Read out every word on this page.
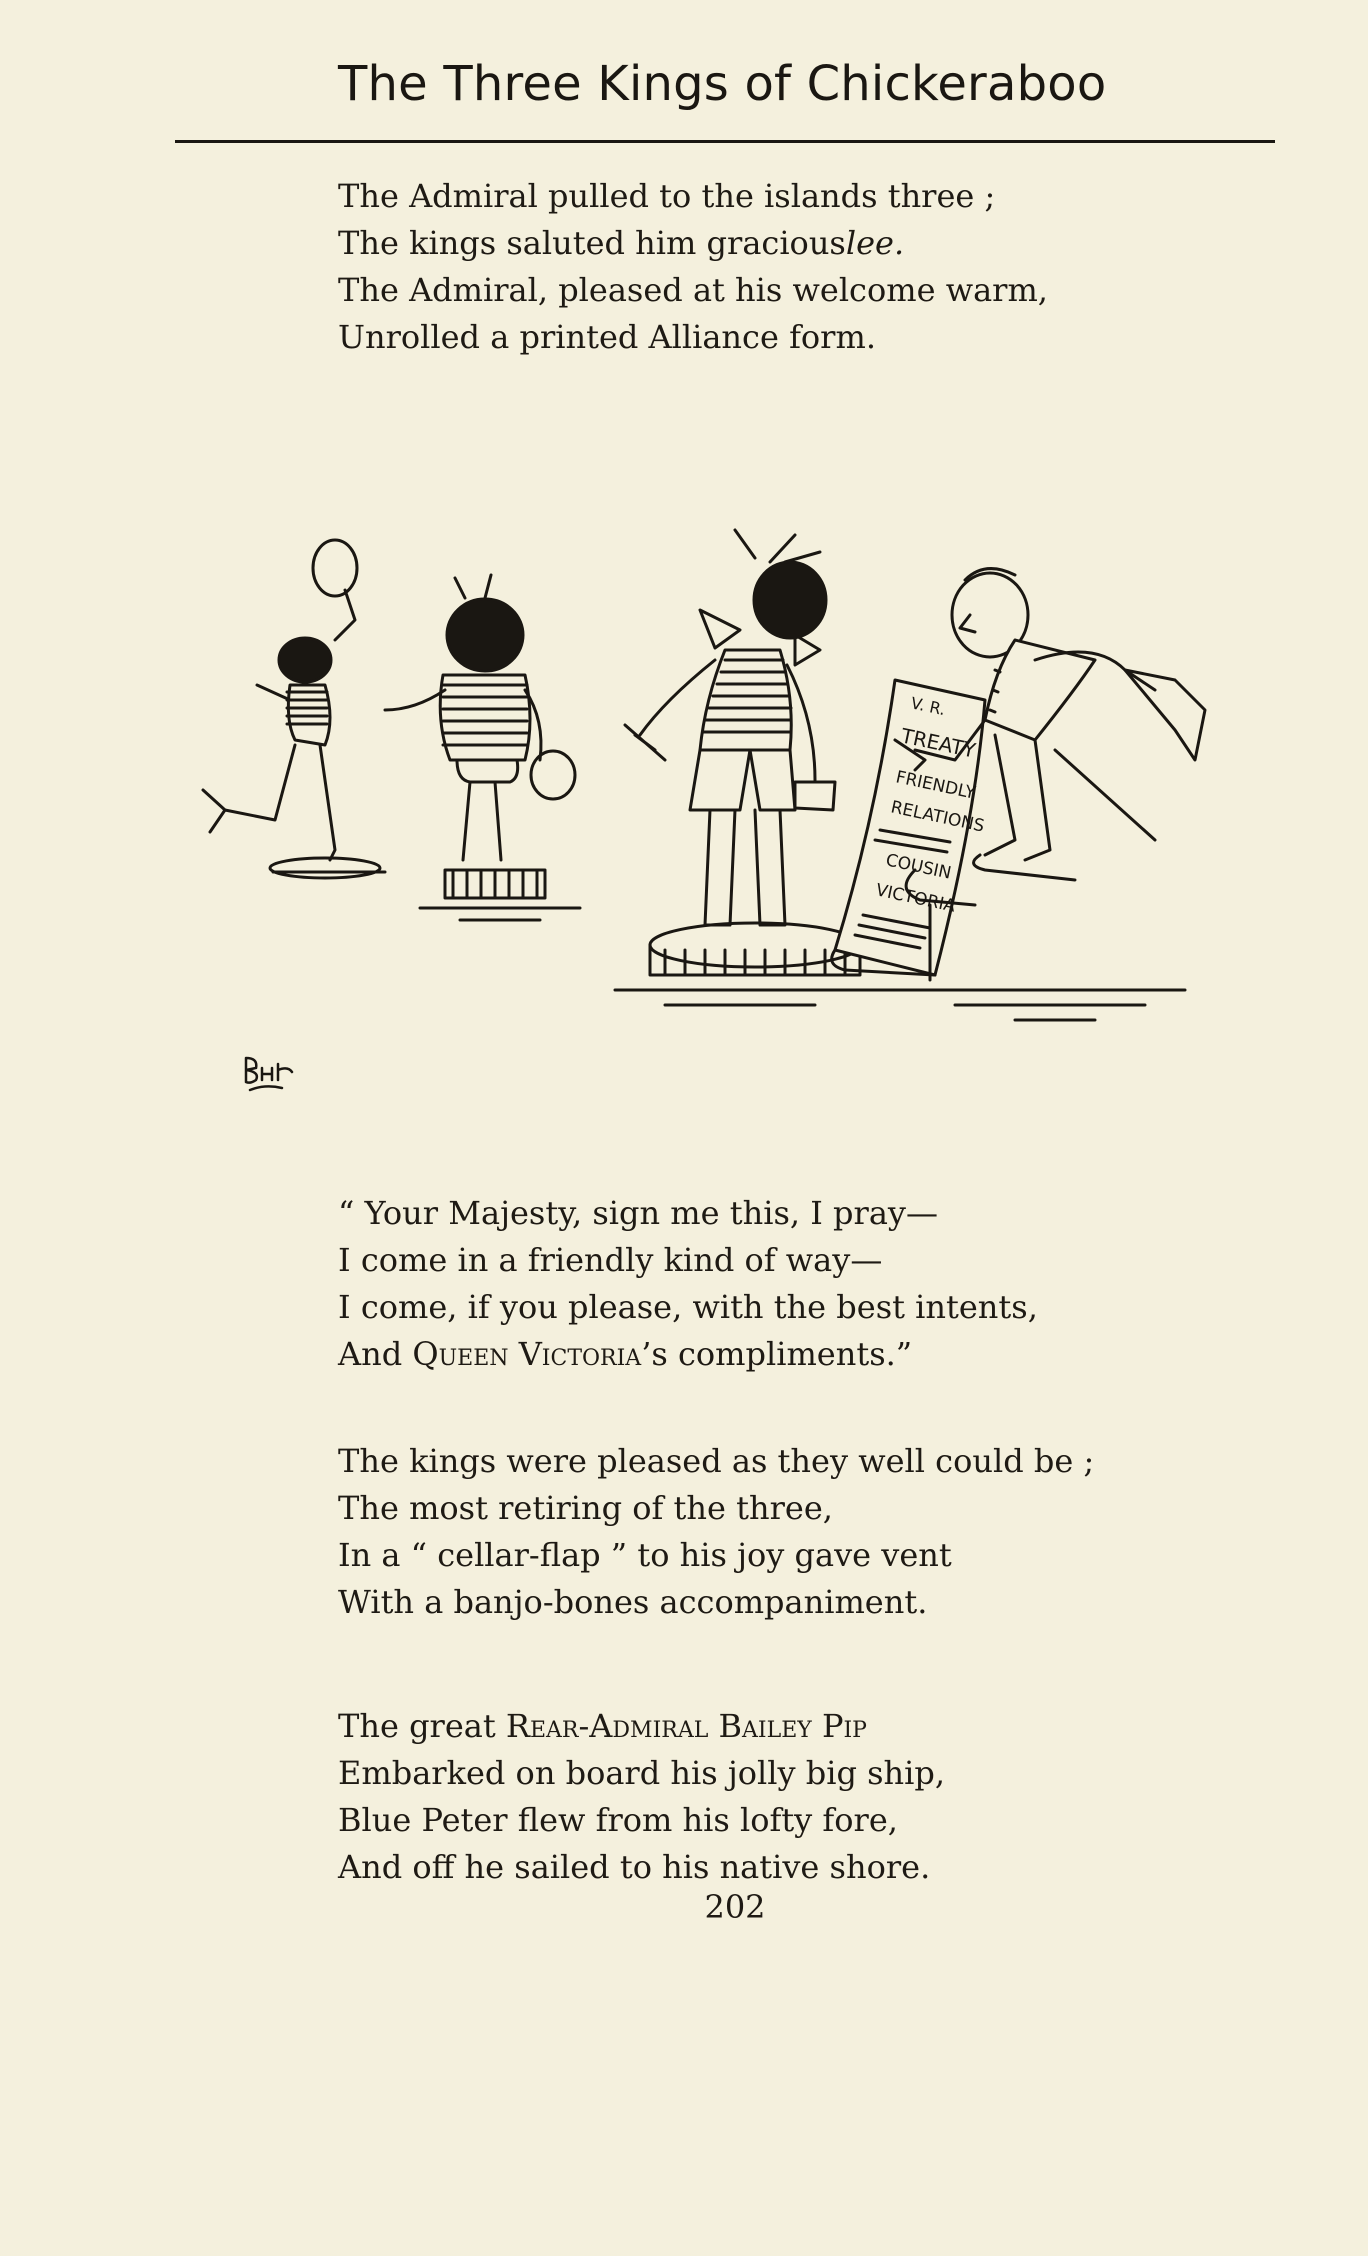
The Three Kings of Chickeraboo
The Admiral pulled to the islands three ;
The kings saluted him graciouslee.
The Admiral, pleased at his welcome warm,
Unrolled a printed Alliance form.
V. R.
TREATY
FRIENDLY
RELATIONS
COUSIN
VICTORIA
“ Your Majesty, sign me this, I pray—
I come in a friendly kind of way—
I come, if you please, with the best intents,
And Queen Victoria’s compliments.”
The kings were pleased as they well could be ;
The most retiring of the three,
In a “ cellar-flap ” to his joy gave vent
With a banjo-bones accompaniment.
The great Rear-Admiral Bailey Pip
Embarked on board his jolly big ship,
Blue Peter flew from his lofty fore,
And off he sailed to his native shore.
202
